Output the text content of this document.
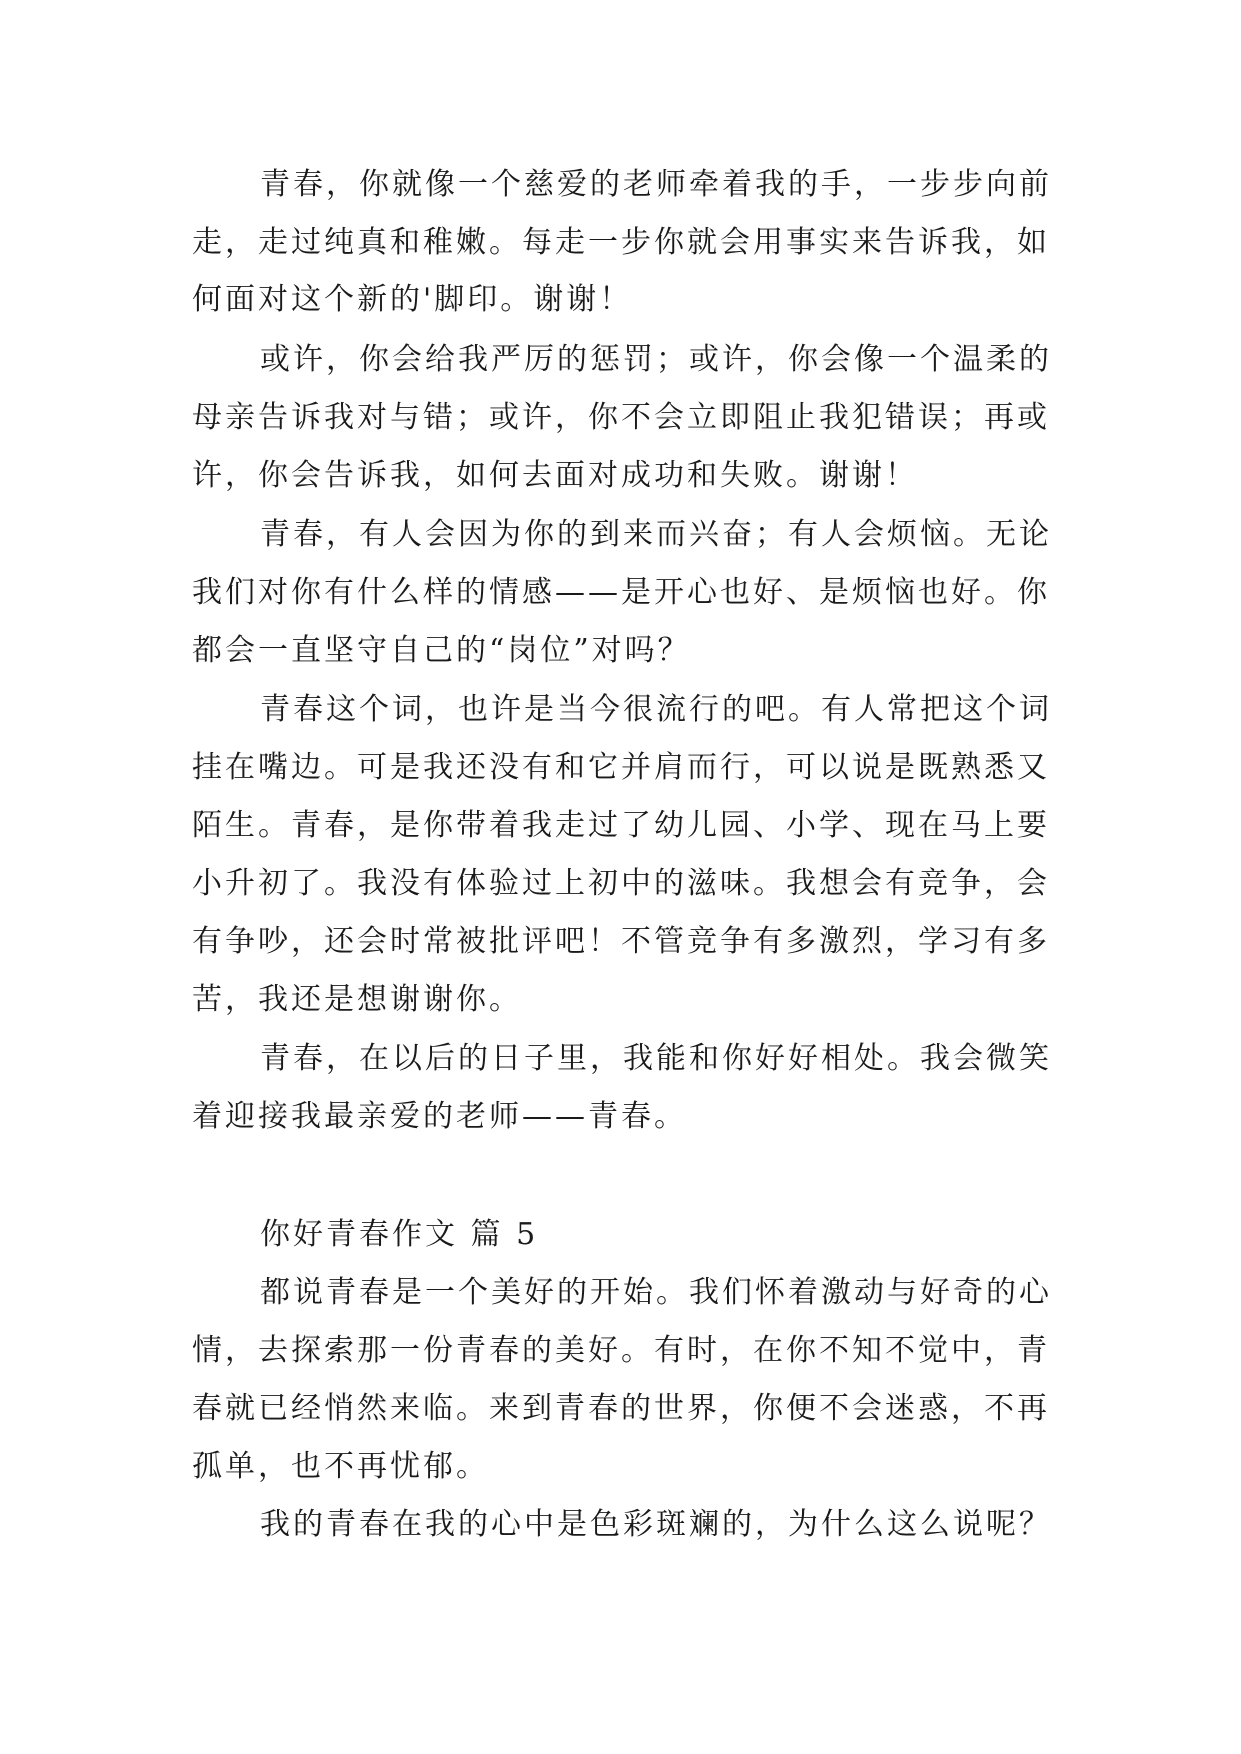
青春，你就像一个慈爱的老师牵着我的手，一步步向前
走，走过纯真和稚嫩。每走一步你就会用事实来告诉我，如
何面对这个新的'脚印。谢谢！
或许，你会给我严厉的惩罚；或许，你会像一个温柔的
母亲告诉我对与错；或许，你不会立即阻止我犯错误；再或
许，你会告诉我，如何去面对成功和失败。谢谢！
青春，有人会因为你的到来而兴奋；有人会烦恼。无论
我们对你有什么样的情感——是开心也好、是烦恼也好。你
都会一直坚守自己的“岗位”对吗？
青春这个词，也许是当今很流行的吧。有人常把这个词
挂在嘴边。可是我还没有和它并肩而行，可以说是既熟悉又
陌生。青春，是你带着我走过了幼儿园、小学、现在马上要
小升初了。我没有体验过上初中的滋味。我想会有竞争，会
有争吵，还会时常被批评吧！不管竞争有多激烈，学习有多
苦，我还是想谢谢你。
青春，在以后的日子里，我能和你好好相处。我会微笑
着迎接我最亲爱的老师——青春。
你好青春作文 篇 5
都说青春是一个美好的开始。我们怀着激动与好奇的心
情，去探索那一份青春的美好。有时，在你不知不觉中，青
春就已经悄然来临。来到青春的世界，你便不会迷惑，不再
孤单，也不再忧郁。
我的青春在我的心中是色彩斑斓的，为什么这么说呢？
